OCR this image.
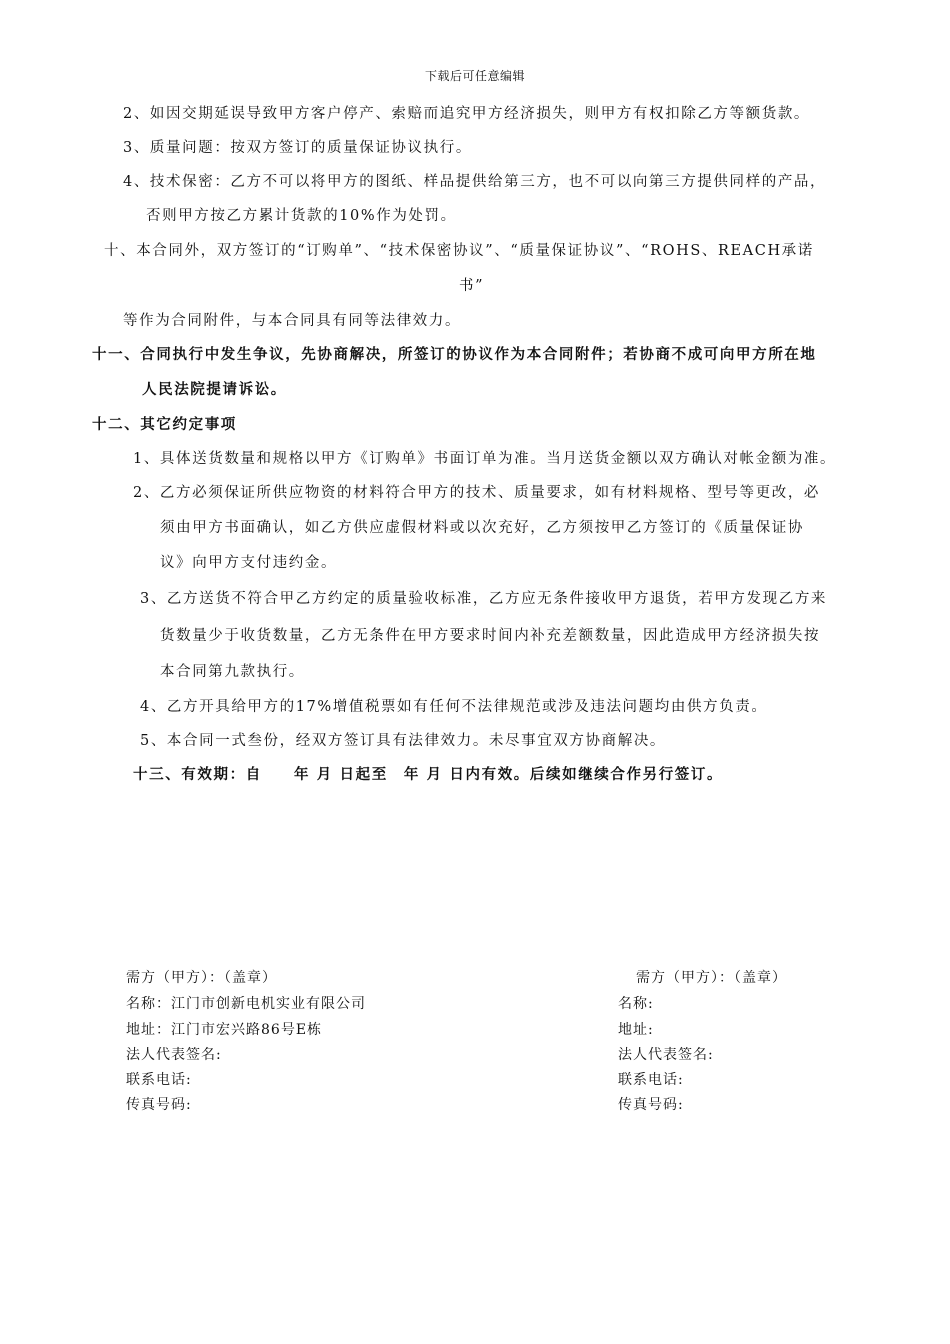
下载后可任意编辑
2、如因交期延误导致甲方客户停产、索赔而追究甲方经济损失，则甲方有权扣除乙方等额货款。
3、质量问题：按双方签订的质量保证协议执行。
4、技术保密：乙方不可以将甲方的图纸、样品提供给第三方，也不可以向第三方提供同样的产品，
否则甲方按乙方累计货款的10%作为处罚。
十、本合同外，双方签订的“订购单”、“技术保密协议”、“质量保证协议”、“ROHS、REACH承诺
书”
等作为合同附件，与本合同具有同等法律效力。
十一、合同执行中发生争议，先协商解决，所签订的协议作为本合同附件；若协商不成可向甲方所在地
人民法院提请诉讼。
十二、其它约定事项
1、具体送货数量和规格以甲方《订购单》书面订单为准。当月送货金额以双方确认对帐金额为准。
2、乙方必须保证所供应物资的材料符合甲方的技术、质量要求，如有材料规格、型号等更改，必
须由甲方书面确认，如乙方供应虚假材料或以次充好，乙方须按甲乙方签订的《质量保证协
议》向甲方支付违约金。
3、乙方送货不符合甲乙方约定的质量验收标准，乙方应无条件接收甲方退货，若甲方发现乙方来
货数量少于收货数量，乙方无条件在甲方要求时间内补充差额数量，因此造成甲方经济损失按
本合同第九款执行。
4、乙方开具给甲方的17%增值税票如有任何不法律规范或涉及违法问题均由供方负责。
5、本合同一式叁份，经双方签订具有法律效力。未尽事宜双方协商解决。
十三、有效期：自　　年 月 日起至　年 月 日内有效。后续如继续合作另行签订。
需方（甲方）：（盖章）
名称：江门市创新电机实业有限公司
地址：江门市宏兴路86号E栋
法人代表签名:
联系电话:
传真号码:
需方（甲方）：（盖章）
名称:
地址:
法人代表签名:
联系电话:
传真号码:
